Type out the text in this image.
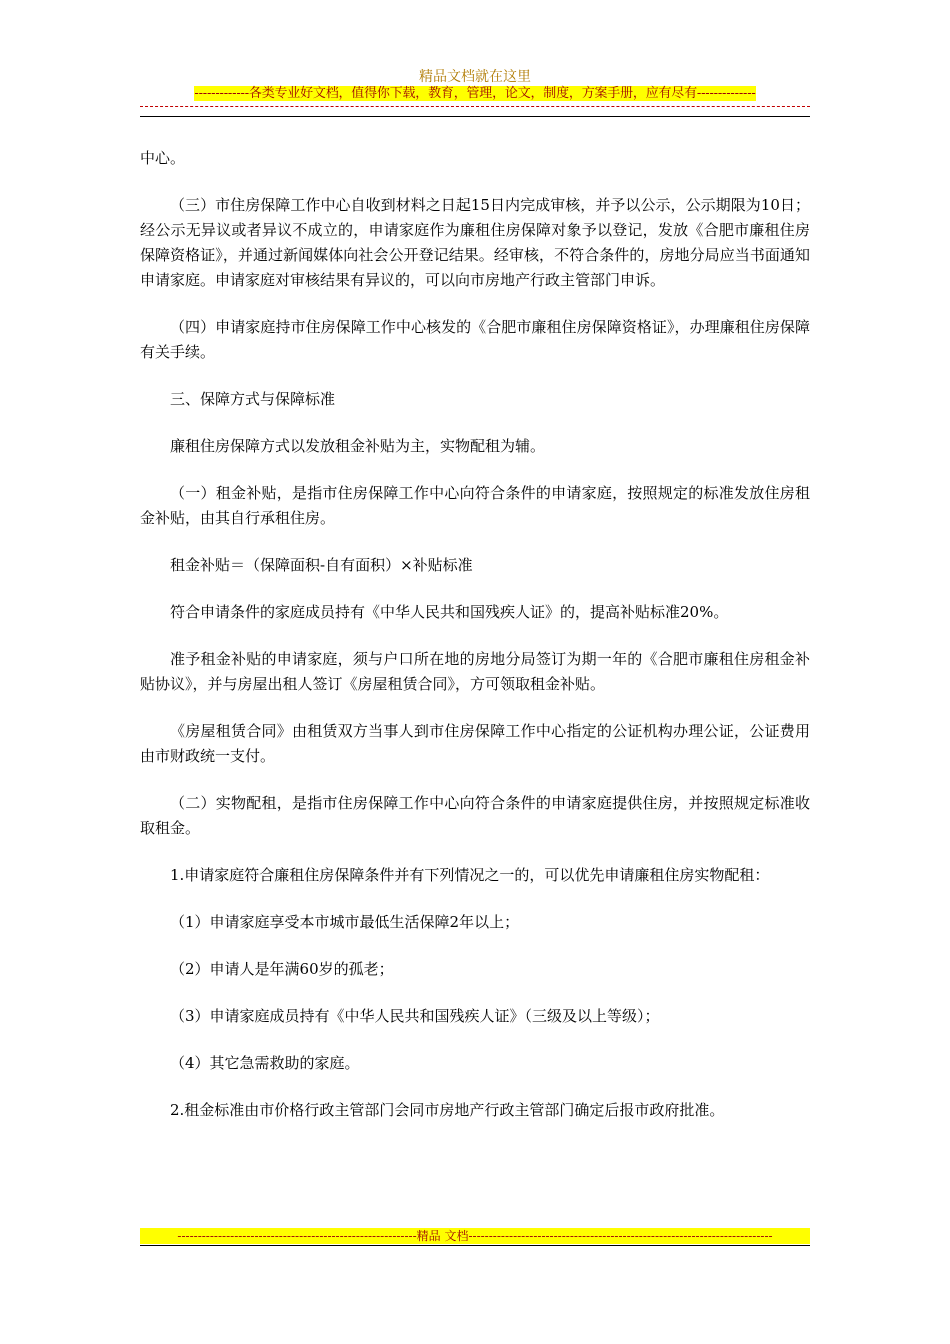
精品文档就在这里
-------------各类专业好文档，值得你下载，教育，管理，论文，制度，方案手册，应有尽有--------------

中心。

（三）市住房保障工作中心自收到材料之日起15日内完成审核，并予以公示，公示期限为10日；经公示无异议或者异议不成立的，申请家庭作为廉租住房保障对象予以登记，发放《合肥市廉租住房保障资格证》，并通过新闻媒体向社会公开登记结果。经审核，不符合条件的，房地分局应当书面通知申请家庭。申请家庭对审核结果有异议的，可以向市房地产行政主管部门申诉。

（四）申请家庭持市住房保障工作中心核发的《合肥市廉租住房保障资格证》，办理廉租住房保障有关手续。

三、保障方式与保障标准

廉租住房保障方式以发放租金补贴为主，实物配租为辅。

（一）租金补贴，是指市住房保障工作中心向符合条件的申请家庭，按照规定的标准发放住房租金补贴，由其自行承租住房。

租金补贴＝（保障面积-自有面积）×补贴标准

符合申请条件的家庭成员持有《中华人民共和国残疾人证》的，提高补贴标准20%。

准予租金补贴的申请家庭，须与户口所在地的房地分局签订为期一年的《合肥市廉租住房租金补贴协议》，并与房屋出租人签订《房屋租赁合同》，方可领取租金补贴。

《房屋租赁合同》由租赁双方当事人到市住房保障工作中心指定的公证机构办理公证，公证费用由市财政统一支付。

（二）实物配租，是指市住房保障工作中心向符合条件的申请家庭提供住房，并按照规定标准收取租金。

1.申请家庭符合廉租住房保障条件并有下列情况之一的，可以优先申请廉租住房实物配租：

（1）申请家庭享受本市城市最低生活保障2年以上；

（2）申请人是年满60岁的孤老；

（3）申请家庭成员持有《中华人民共和国残疾人证》（三级及以上等级）；

（4）其它急需救助的家庭。

2.租金标准由市价格行政主管部门会同市房地产行政主管部门确定后报市政府批准。

-----------------------------------------------------------精品 文档---------------------------------------------------------------------------
